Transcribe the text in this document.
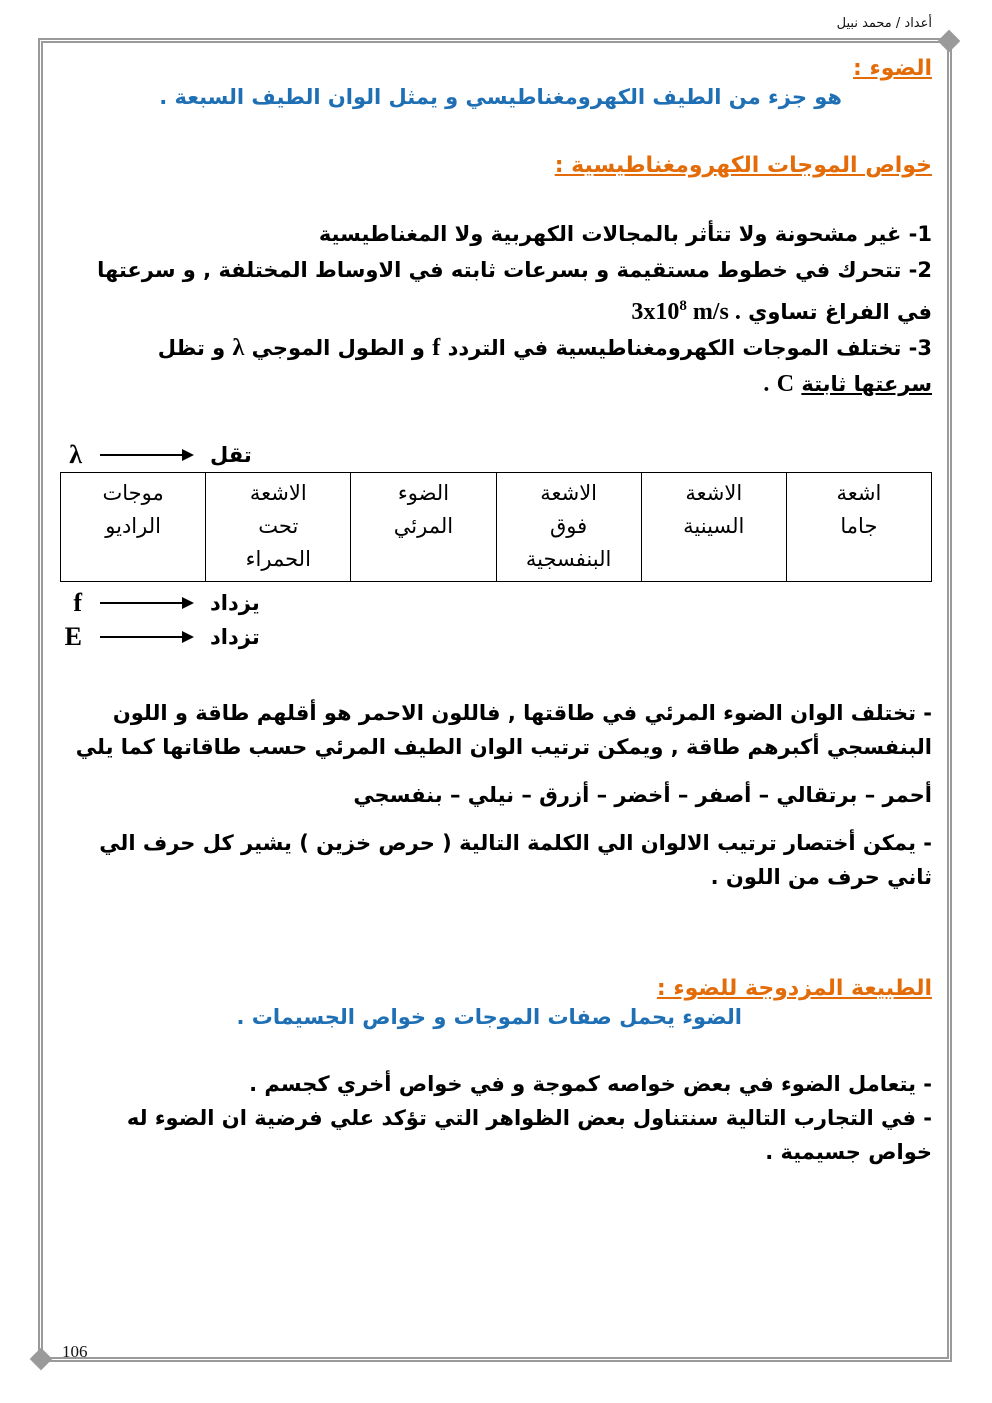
أعداد / محمد نبيل

الضوء :

هو جزء من الطيف الكهرومغناطيسي و يمثل الوان الطيف السبعة .

خواص الموجات الكهرومغناطيسية :

1- غير مشحونة ولا تتأثر بالمجالات الكهربية ولا المغناطيسية

2- تتحرك في خطوط مستقيمة و بسرعات ثابته في الاوساط المختلفة , و سرعتها

في الفراغ تساوي $3x10^8$ m/s .

3- تختلف الموجات الكهرومغناطيسية في التردد f و الطول الموجي λ و تظل

سرعتها ثابتة C .

λ	تقل
اشعة
جاما

الاشعة
السينية

الاشعة
فوق
البنفسجية

الضوء
المرئي

الاشعة
تحت
الحمراء

موجات
الراديو
f	يزداد
E	تزداد

- تختلف الوان الضوء المرئي في طاقتها , فاللون الاحمر هو أقلهم طاقة و اللون البنفسجي أكبرهم طاقة , ويمكن ترتيب الوان الطيف المرئي حسب طاقاتها كما يلي

أحمر – برتقالي – أصفر – أخضر – أزرق – نيلي – بنفسجي

- يمكن أختصار ترتيب الالوان الي الكلمة التالية ( حرص خزين ) يشير كل حرف الي ثاني حرف من اللون .

الطبيعة المزدوجة للضوء :

الضوء يحمل صفات الموجات و خواص الجسيمات .

- يتعامل الضوء في بعض خواصه كموجة و في خواص أخري كجسم .

- في التجارب التالية سنتناول بعض الظواهر التي تؤكد علي فرضية ان الضوء له خواص جسيمية .

106
